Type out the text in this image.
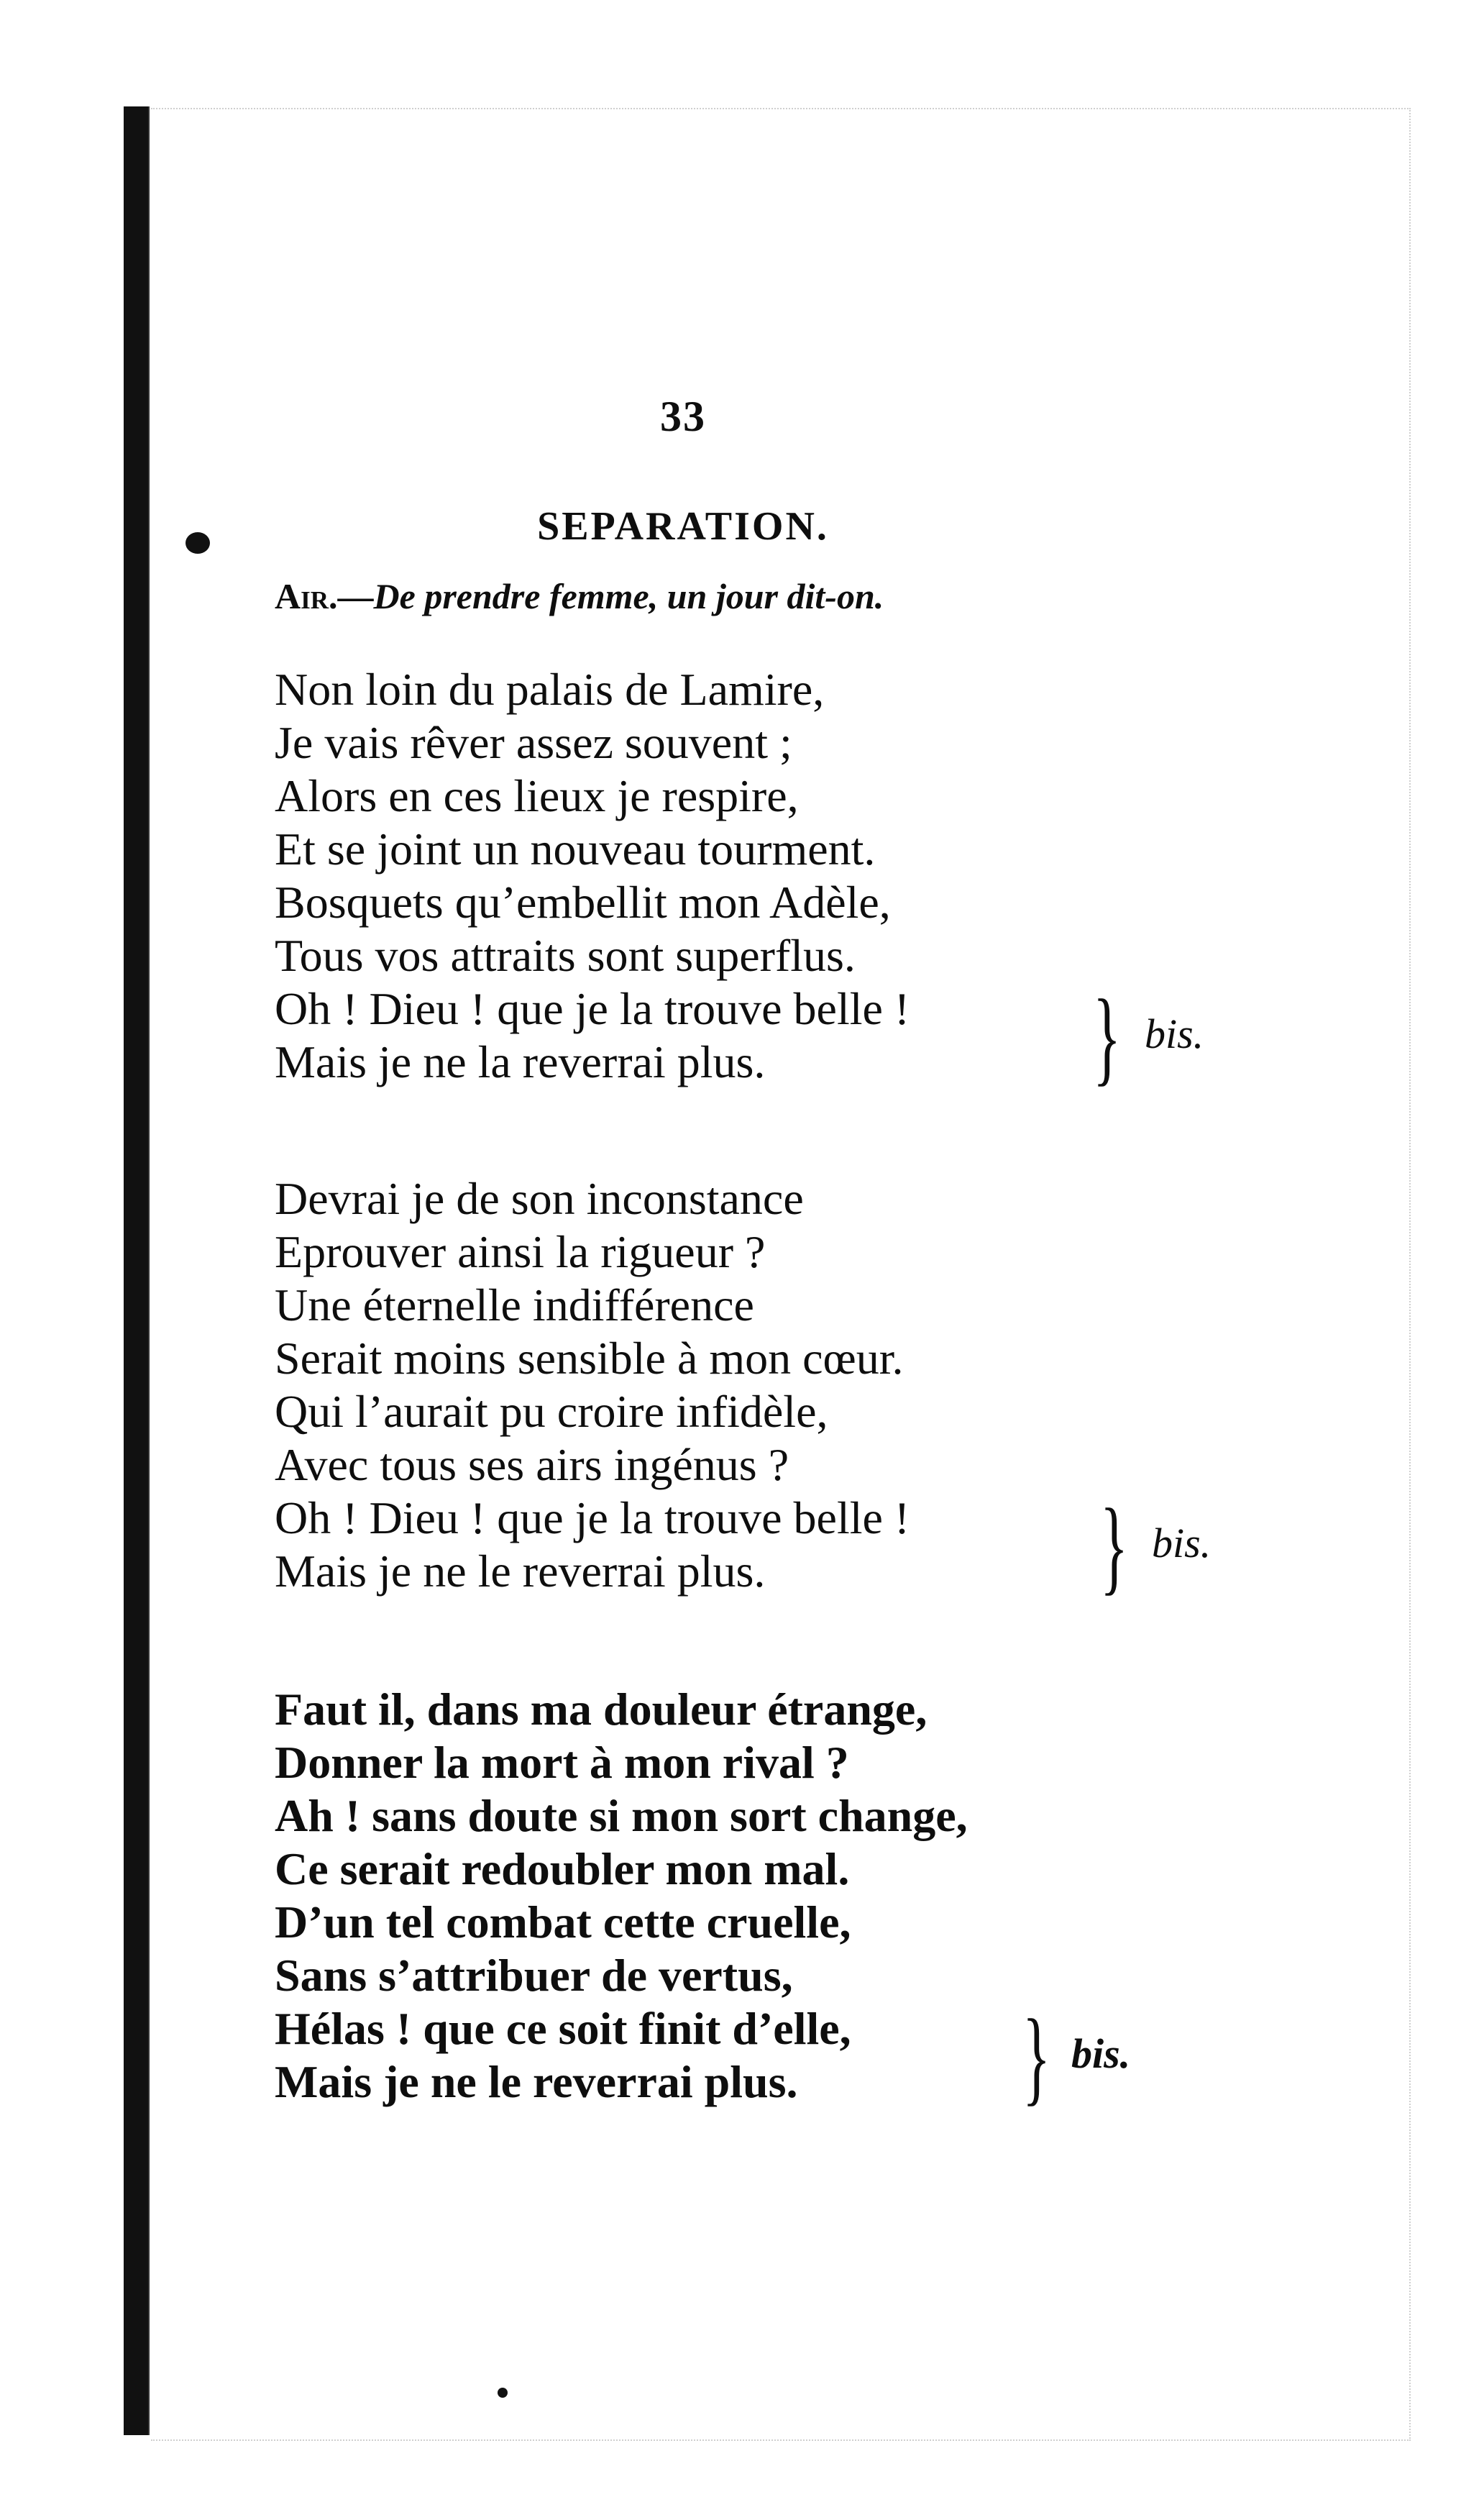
33
SEPARATION.
Air.—De prendre femme, un jour dit-on.
Non loin du palais de Lamire,
Je vais rêver assez souvent ;
Alors en ces lieux je respire,
Et se joint un nouveau tourment.
Bosquets qu’embellit mon Adèle,
Tous vos attraits sont superflus.
Oh ! Dieu ! que je la trouve belle !
Mais je ne la reverrai plus.	} bis.
Devrai je de son inconstance
Eprouver ainsi la rigueur ?
Une éternelle indifférence
Serait moins sensible à mon cœur.
Qui l’aurait pu croire infidèle,
Avec tous ses airs ingénus ?
Oh ! Dieu ! que je la trouve belle !
Mais je ne le reverrai plus.	} bis.
Faut il, dans ma douleur étrange,
Donner la mort à mon rival ?
Ah ! sans doute si mon sort change,
Ce serait redoubler mon mal.
D’un tel combat cette cruelle,
Sans s’attribuer de vertus,
Hélas ! que ce soit finit d’elle,
Mais je ne le reverrai plus.	} bis.
